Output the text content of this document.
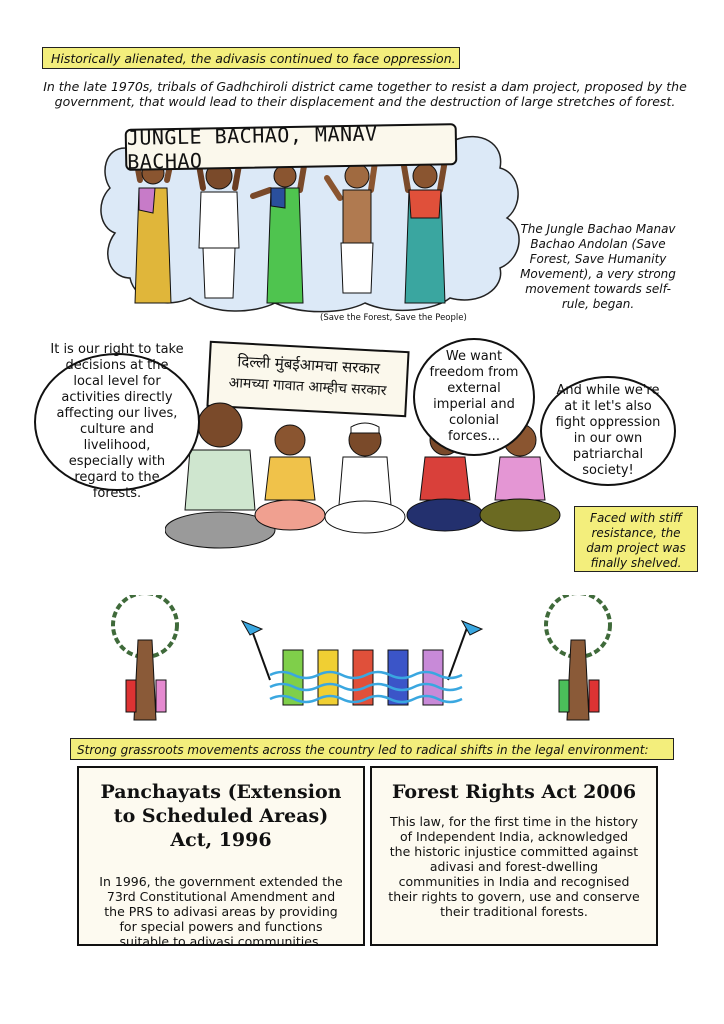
Historically alienated, the adivasis continued to face oppression.
In the late 1970s, tribals of Gadhchiroli district came together to resist a dam project, proposed by the government, that would lead to their displacement and the destruction of large stretches of forest.
JUNGLE BACHAO, MANAV BACHAO
(Save the Forest, Save the People)
The Jungle Bachao Manav Bachao Andolan (Save Forest, Save Humanity Movement), a very strong movement towards self-rule, began.
दिल्ली मुंबईआमचा सरकार
आमच्या गावात आम्हीच सरकार
It is our right to take decisions at the local level for activities directly affecting our lives, culture and livelihood, especially with regard to the forests.
We want freedom from external imperial and colonial forces...
And while we're at it let's also fight oppression in our own patriarchal society!
Faced with stiff resistance, the dam project was finally shelved.
Strong grassroots movements across the country led to radical shifts in the legal environment:
Panchayats (Extension to Scheduled Areas) Act, 1996
In 1996, the government extended the 73rd Constitutional Amendment and the PRS to adivasi areas by providing for special powers and functions suitable to adivasi communities.
Forest Rights Act 2006
This law, for the first time in the history of Independent India, acknowledged the historic injustice committed against adivasi and forest-dwelling communities in India and recognised their rights to govern, use and conserve their traditional forests.
